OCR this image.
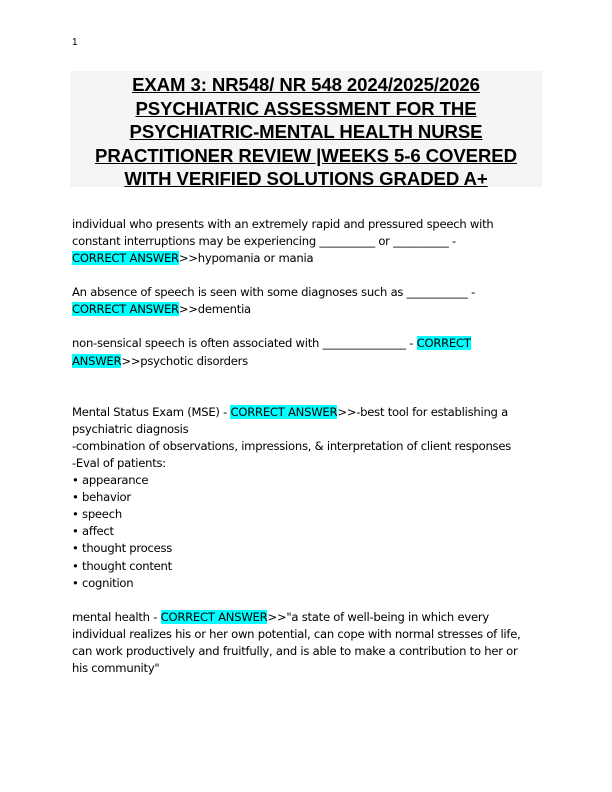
1
EXAM 3: NR548/ NR 548 2024/2025/2026
PSYCHIATRIC ASSESSMENT FOR THE
PSYCHIATRIC-MENTAL HEALTH NURSE
PRACTITIONER REVIEW |WEEKS 5-6 COVERED
WITH VERIFIED SOLUTIONS GRADED A+
individual who presents with an extremely rapid and pressured speech with
constant interruptions may be experiencing __________ or __________ -
CORRECT ANSWER>>hypomania or mania
An absence of speech is seen with some diagnoses such as ___________ -
CORRECT ANSWER>>dementia
non-sensical speech is often associated with _______________ - CORRECT
ANSWER>>psychotic disorders
Mental Status Exam (MSE) - CORRECT ANSWER>>-best tool for establishing a
psychiatric diagnosis
-combination of observations, impressions, & interpretation of client responses
-Eval of patients:
• appearance
• behavior
• speech
• affect
• thought process
• thought content
• cognition
mental health - CORRECT ANSWER>>"a state of well-being in which every
individual realizes his or her own potential, can cope with normal stresses of life,
can work productively and fruitfully, and is able to make a contribution to her or
his community"
